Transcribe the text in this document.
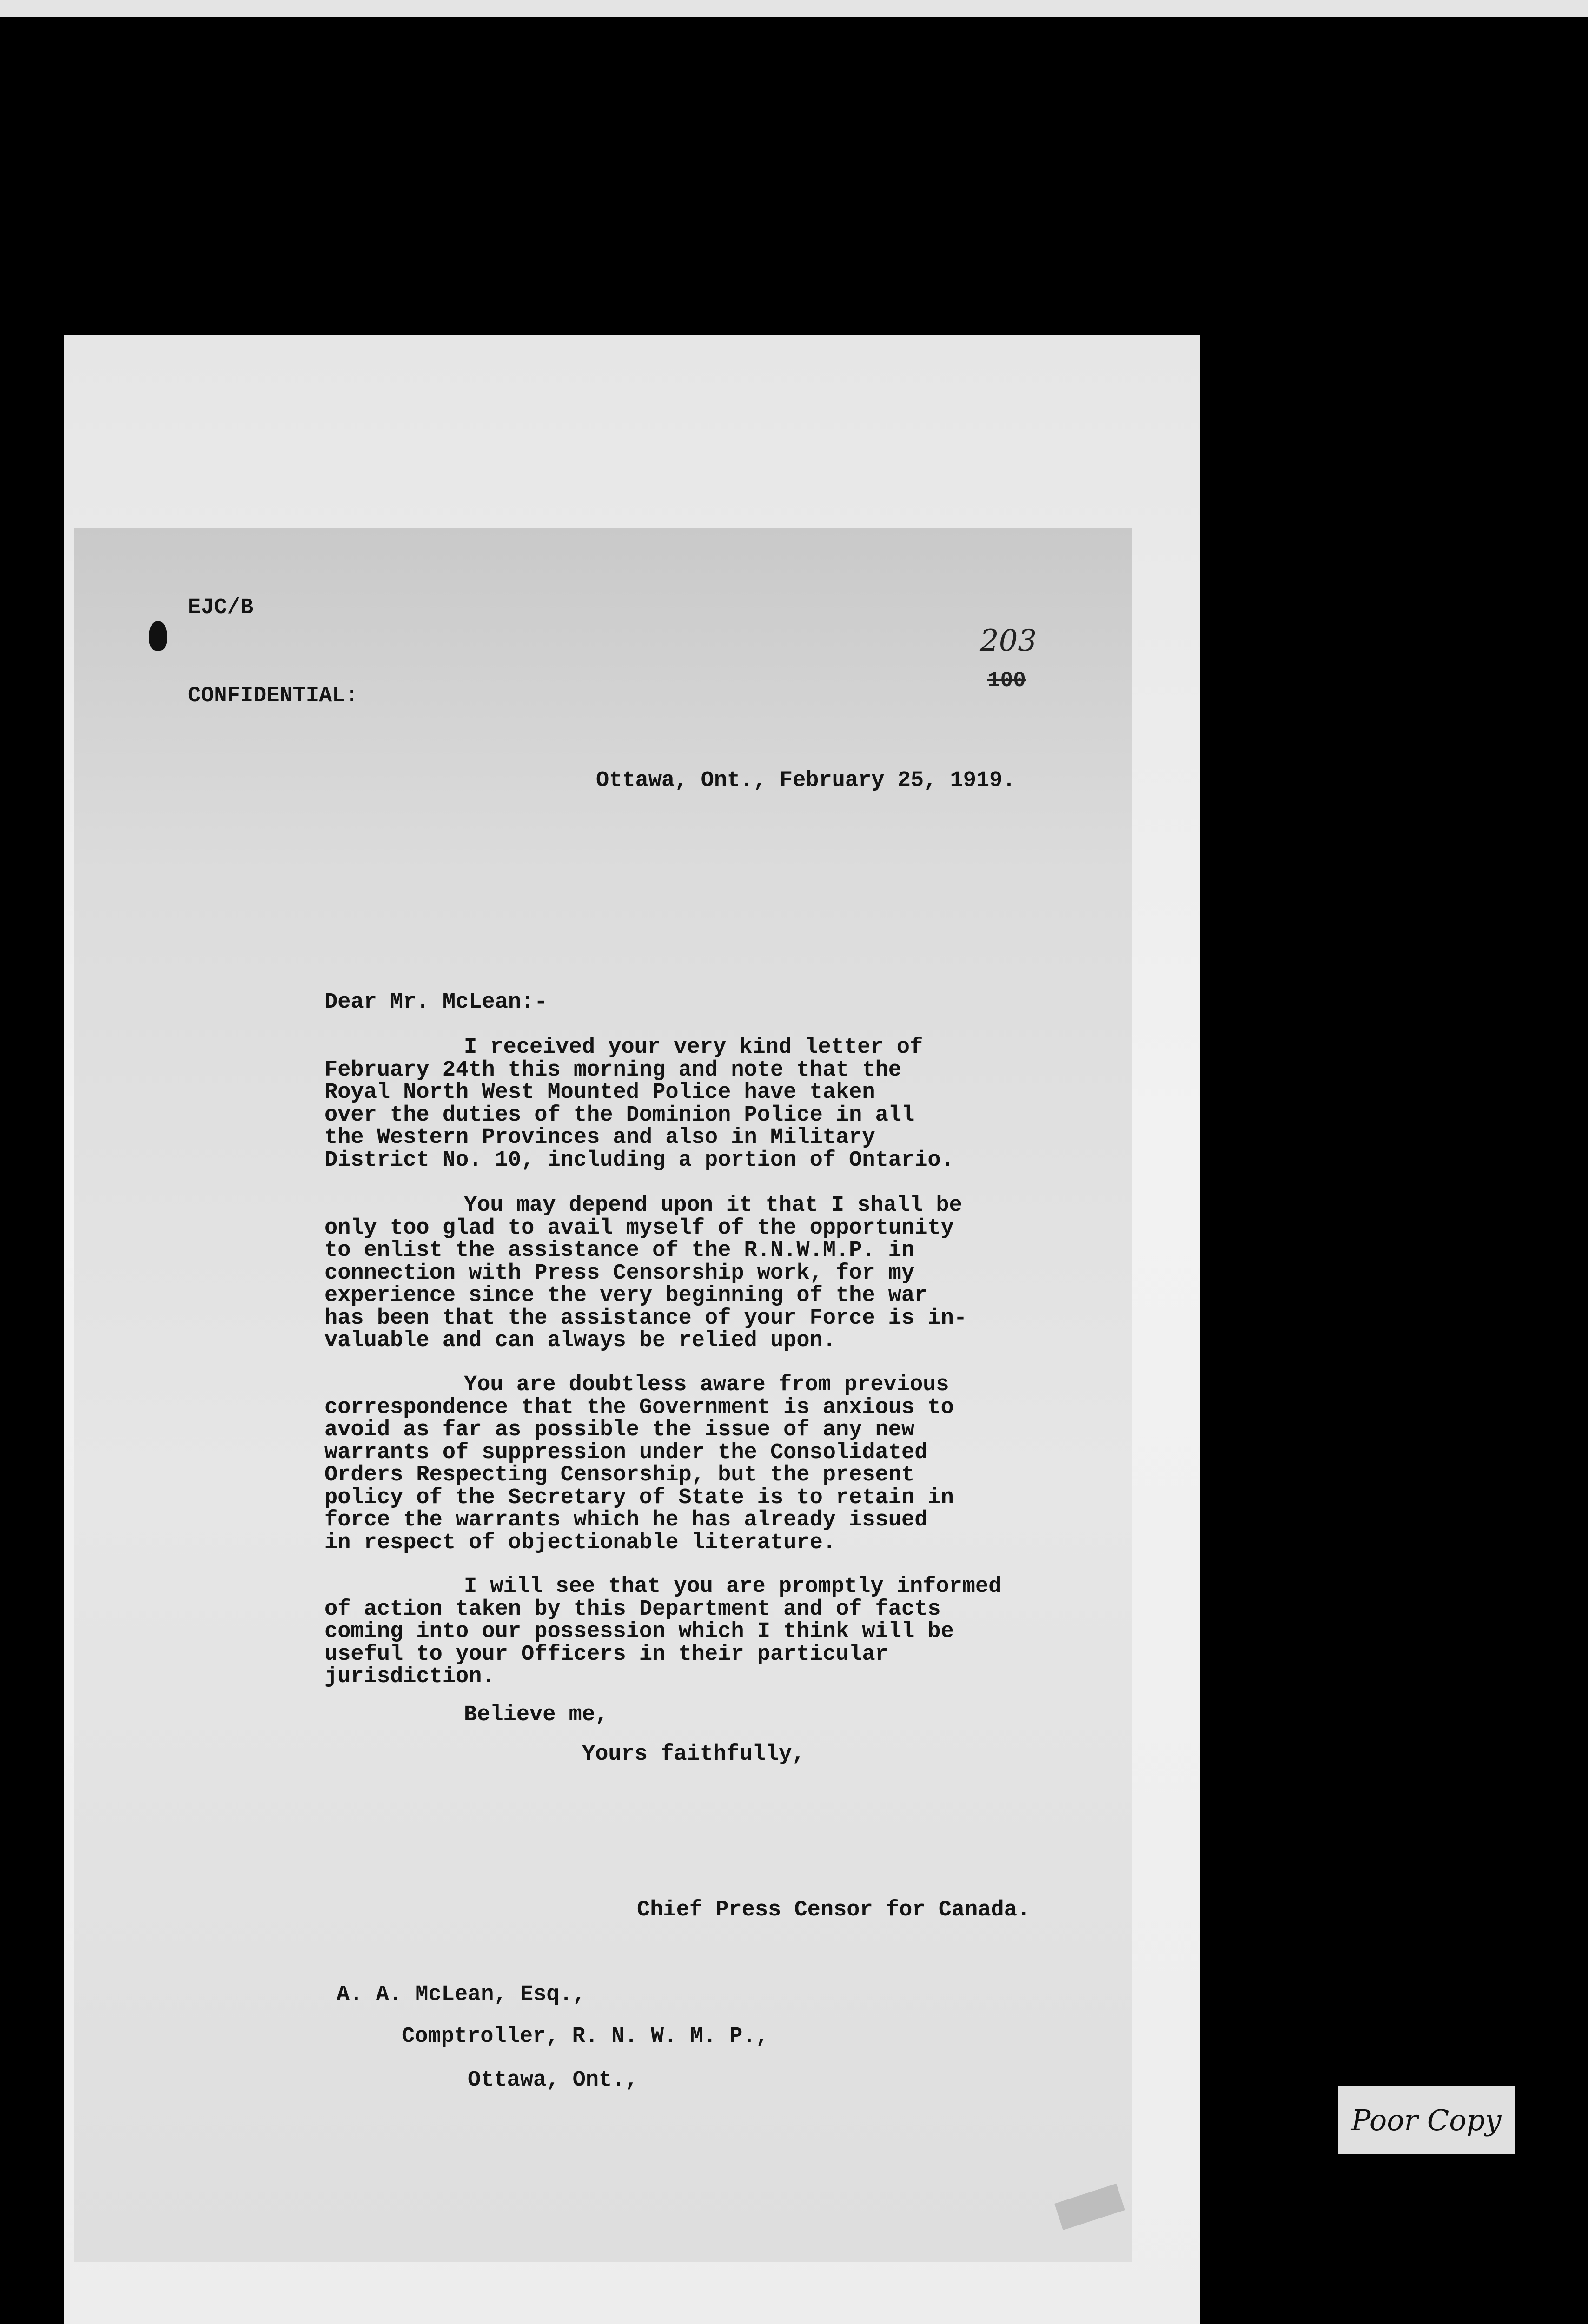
EJC/B

CONFIDENTIAL:

203
100

Ottawa, Ont., February 25, 1919.

Dear Mr. McLean:-

I received your very kind letter of
February 24th this morning and note that the
Royal North West Mounted Police have taken
over the duties of the Dominion Police in all
the Western Provinces and also in Military
District No. 10, including a portion of Ontario.

You may depend upon it that I shall be
only too glad to avail myself of the opportunity
to enlist the assistance of the R.N.W.M.P. in
connection with Press Censorship work, for my
experience since the very beginning of the war
has been that the assistance of your Force is in-
valuable and can always be relied upon.

You are doubtless aware from previous
correspondence that the Government is anxious to
avoid as far as possible the issue of any new
warrants of suppression under the Consolidated
Orders Respecting Censorship, but the present
policy of the Secretary of State is to retain in
force the warrants which he has already issued
in respect of objectionable literature.

I will see that you are promptly informed
of action taken by this Department and of facts
coming into our possession which I think will be
useful to your Officers in their particular
jurisdiction.

Believe me,

Yours faithfully,

Chief Press Censor for Canada.

A. A. McLean, Esq.,

Comptroller, R. N. W. M. P.,

Ottawa, Ont.,

Poor Copy
